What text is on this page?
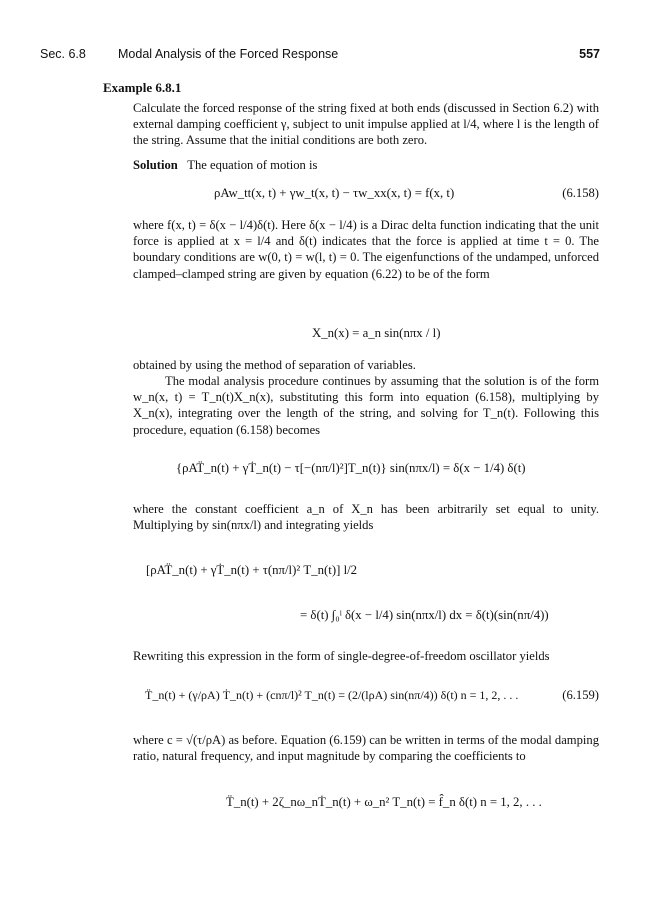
Sec. 6.8	Modal Analysis of the Forced Response	557
Example 6.8.1
Calculate the forced response of the string fixed at both ends (discussed in Section 6.2) with external damping coefficient γ, subject to unit impulse applied at l/4, where l is the length of the string. Assume that the initial conditions are both zero.
Solution The equation of motion is
ρAw_tt(x, t) + γw_t(x, t) − τw_xx(x, t) = f(x, t)	(6.158)
where f(x, t) = δ(x − l/4)δ(t). Here δ(x − l/4) is a Dirac delta function indicating that the unit force is applied at x = l/4 and δ(t) indicates that the force is applied at time t = 0. The boundary conditions are w(0, t) = w(l, t) = 0. The eigenfunctions of the undamped, unforced clamped–clamped string are given by equation (6.22) to be of the form
X_n(x) = a_n sin(nπx / l)
obtained by using the method of separation of variables.
The modal analysis procedure continues by assuming that the solution is of the form w_n(x, t) = T_n(t)X_n(x), substituting this form into equation (6.158), multiplying by X_n(x), integrating over the length of the string, and solving for T_n(t). Following this procedure, equation (6.158) becomes
{ρAT̈_n(t) + γṪ_n(t) − τ[−(nπ/l)²]T_n(t)} sin(nπx/l) = δ(x − 1/4) δ(t)
where the constant coefficient a_n of X_n has been arbitrarily set equal to unity. Multiplying by sin(nπx/l) and integrating yields
[ρAT̈_n(t) + γṪ_n(t) + τ(nπ/l)² T_n(t)] l/2
= δ(t) ∫₀ˡ δ(x − l/4) sin(nπx/l) dx = δ(t)(sin(nπ/4))
Rewriting this expression in the form of single-degree-of-freedom oscillator yields
T̈_n(t) + (γ/ρA) Ṫ_n(t) + (cnπ/l)² T_n(t) = (2/(lρA) sin(nπ/4)) δ(t) n = 1, 2, . . .	(6.159)
where c = √(τ/ρA) as before. Equation (6.159) can be written in terms of the modal damping ratio, natural frequency, and input magnitude by comparing the coefficients to
T̈_n(t) + 2ζ_nω_nṪ_n(t) + ω_n² T_n(t) = f̂_n δ(t) n = 1, 2, . . .
